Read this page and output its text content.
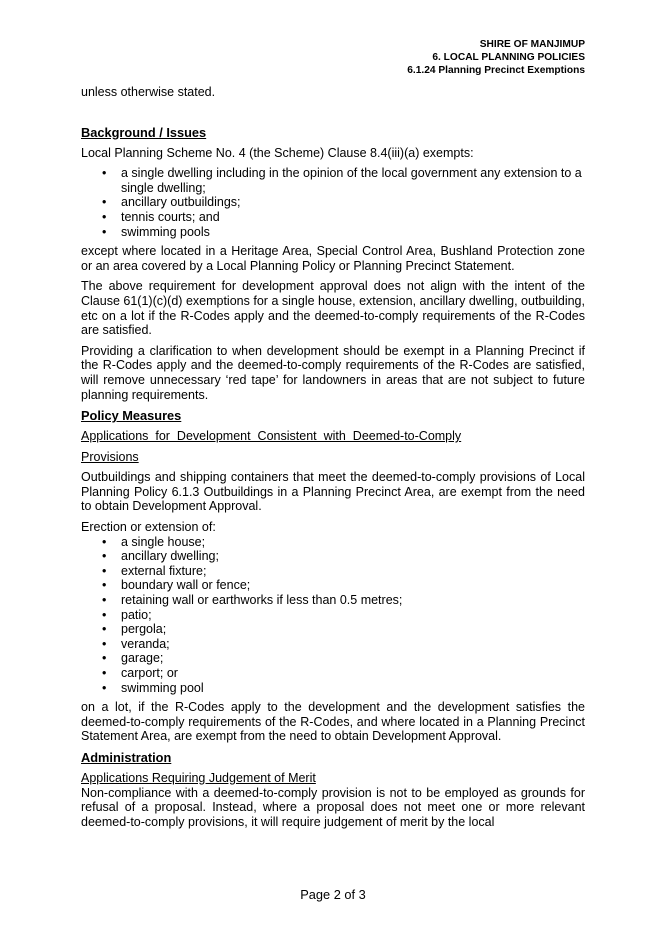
SHIRE OF MANJIMUP
6. LOCAL PLANNING POLICIES
6.1.24 Planning Precinct Exemptions

unless otherwise stated.

Background / Issues

Local Planning Scheme No. 4 (the Scheme) Clause 8.4(iii)(a) exempts:

• a single dwelling including in the opinion of the local government any extension to a single dwelling;
• ancillary outbuildings;
• tennis courts; and
• swimming pools

except where located in a Heritage Area, Special Control Area, Bushland Protection zone or an area covered by a Local Planning Policy or Planning Precinct Statement.

The above requirement for development approval does not align with the intent of the Clause 61(1)(c)(d) exemptions for a single house, extension, ancillary dwelling, outbuilding, etc on a lot if the R-Codes apply and the deemed-to-comply requirements of the R-Codes are satisfied.

Providing a clarification to when development should be exempt in a Planning Precinct if the R-Codes apply and the deemed-to-comply requirements of the R-Codes are satisfied, will remove unnecessary ‘red tape’ for landowners in areas that are not subject to future planning requirements.

Policy Measures

Applications for Development Consistent with Deemed-to-Comply

Provisions

Outbuildings and shipping containers that meet the deemed-to-comply provisions of Local Planning Policy 6.1.3 Outbuildings in a Planning Precinct Area, are exempt from the need to obtain Development Approval.

Erection or extension of:

• a single house;
• ancillary dwelling;
• external fixture;
• boundary wall or fence;
• retaining wall or earthworks if less than 0.5 metres;
• patio;
• pergola;
• veranda;
• garage;
• carport; or
• swimming pool

on a lot, if the R-Codes apply to the development and the development satisfies the deemed-to-comply requirements of the R-Codes, and where located in a Planning Precinct Statement Area, are exempt from the need to obtain Development Approval.

Administration

Applications Requiring Judgement of Merit

Non-compliance with a deemed-to-comply provision is not to be employed as grounds for refusal of a proposal. Instead, where a proposal does not meet one or more relevant deemed-to-comply provisions, it will require judgement of merit by the local

Page 2 of 3
